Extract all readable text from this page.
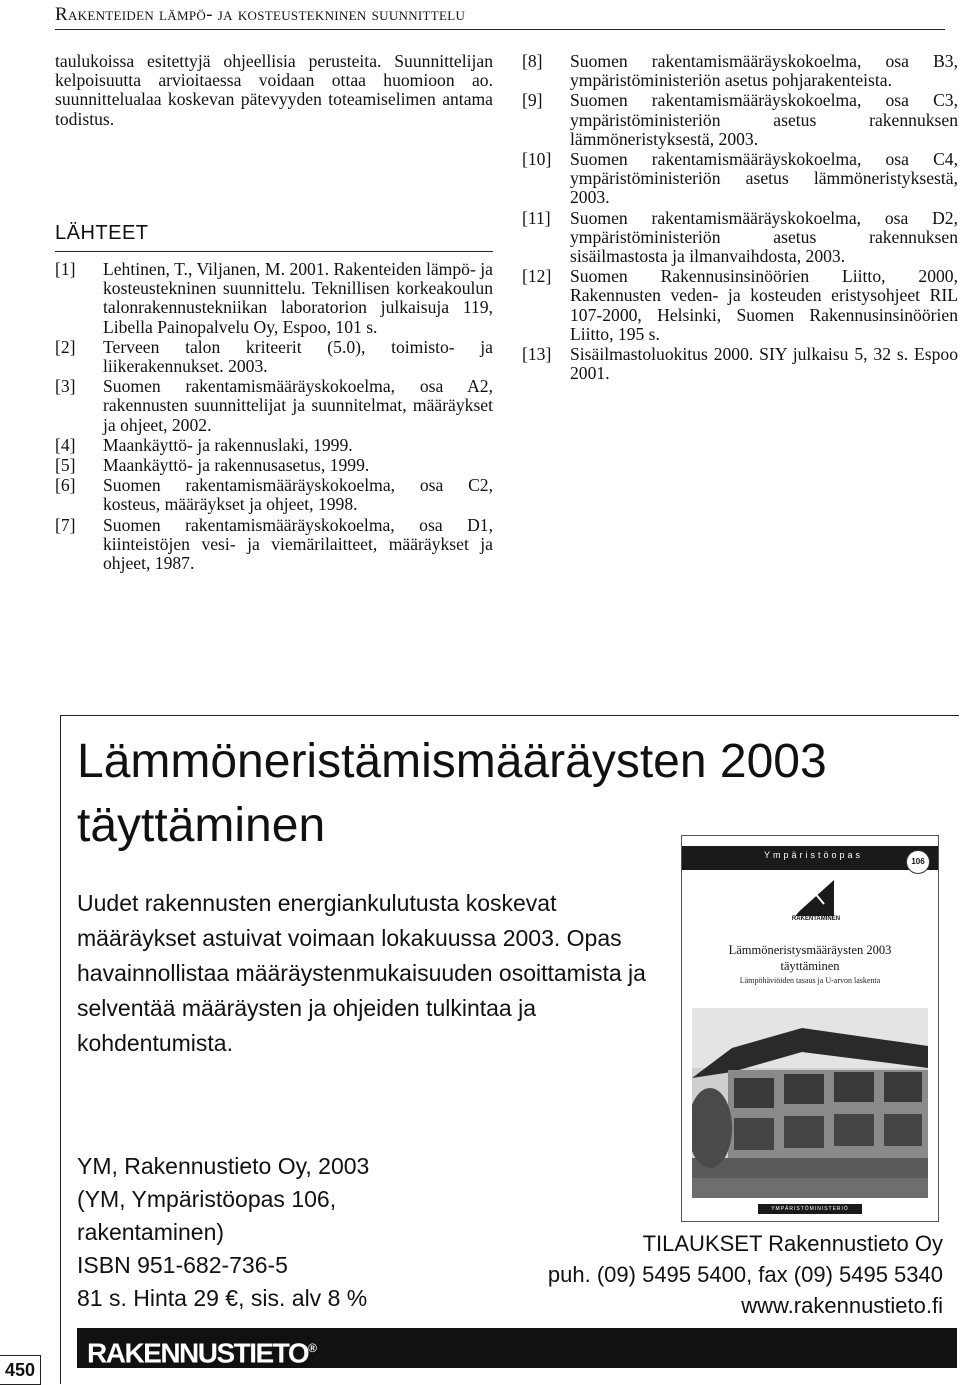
Rakenteiden lämpö- ja kosteustekninen suunnittelu

taulukoissa esitettyjä ohjeellisia perusteita. Suunnittelijan kelpoisuutta arvioitaessa voidaan ottaa huomioon ao. suunnittelualaa koskevan pätevyyden toteamiselimen antama todistus.

LÄHTEET
[1]	Lehtinen, T., Viljanen, M. 2001. Rakenteiden lämpö- ja kosteustekninen suunnittelu. Teknillisen korkeakoulun talonrakennustekniikan laboratorion julkaisuja 119, Libella Painopalvelu Oy, Espoo, 101 s.
[2]	Terveen talon kriteerit (5.0), toimisto- ja liikerakennukset. 2003.
[3]	Suomen rakentamismääräyskokoelma, osa A2, rakennusten suunnittelijat ja suunnitelmat, määräykset ja ohjeet, 2002.
[4]	Maankäyttö- ja rakennuslaki, 1999.
[5]	Maankäyttö- ja rakennusasetus, 1999.
[6]	Suomen rakentamismääräyskokoelma, osa C2, kosteus, määräykset ja ohjeet, 1998.
[7]	Suomen rakentamismääräyskokoelma, osa D1, kiinteistöjen vesi- ja viemärilaitteet, määräykset ja ohjeet, 1987.
[8]	Suomen rakentamismääräyskokoelma, osa B3, ympäristöministeriön asetus pohjarakenteista.
[9]	Suomen rakentamismääräyskokoelma, osa C3, ympäristöministeriön asetus rakennuksen lämmöneristyksestä, 2003.
[10]	Suomen rakentamismääräyskokoelma, osa C4, ympäristöministeriön asetus lämmöneristyksestä, 2003.
[11]	Suomen rakentamismääräyskokoelma, osa D2, ympäristöministeriön asetus rakennuksen sisäilmastosta ja ilmanvaihdosta, 2003.
[12]	Suomen Rakennusinsinöörien Liitto, 2000, Rakennusten veden- ja kosteuden eristysohjeet RIL 107-2000, Helsinki, Suomen Rakennusinsinöörien Liitto, 195 s.
[13]	Sisäilmastoluokitus 2000. SIY julkaisu 5, 32 s. Espoo 2001.
Lämmöneristämismääräysten 2003 täyttäminen
Uudet rakennusten energiankulutusta koskevat määräykset astuivat voimaan lokakuussa 2003. Opas havainnollistaa määräystenmukaisuuden osoittamista ja selventää määräysten ja ohjeiden tulkintaa ja kohdentumista.
YM, Rakennustieto Oy, 2003
(YM, Ympäristöopas 106,
rakentaminen)
ISBN 951-682-736-5
81 s. Hinta 29 €, sis. alv 8 %
TILAUKSET Rakennustieto Oy
puh. (09) 5495 5400, fax (09) 5495 5340
www.rakennustieto.fi
RAKENNUSTIETO®
Ympäristöopas
106
RAKENTAMINEN
Lämmöneristysmääräysten 2003
täyttäminen
Lämpöhäviöiden tasaus ja U-arvon laskenta
YMPÄRISTÖMINISTERIÖ
450
